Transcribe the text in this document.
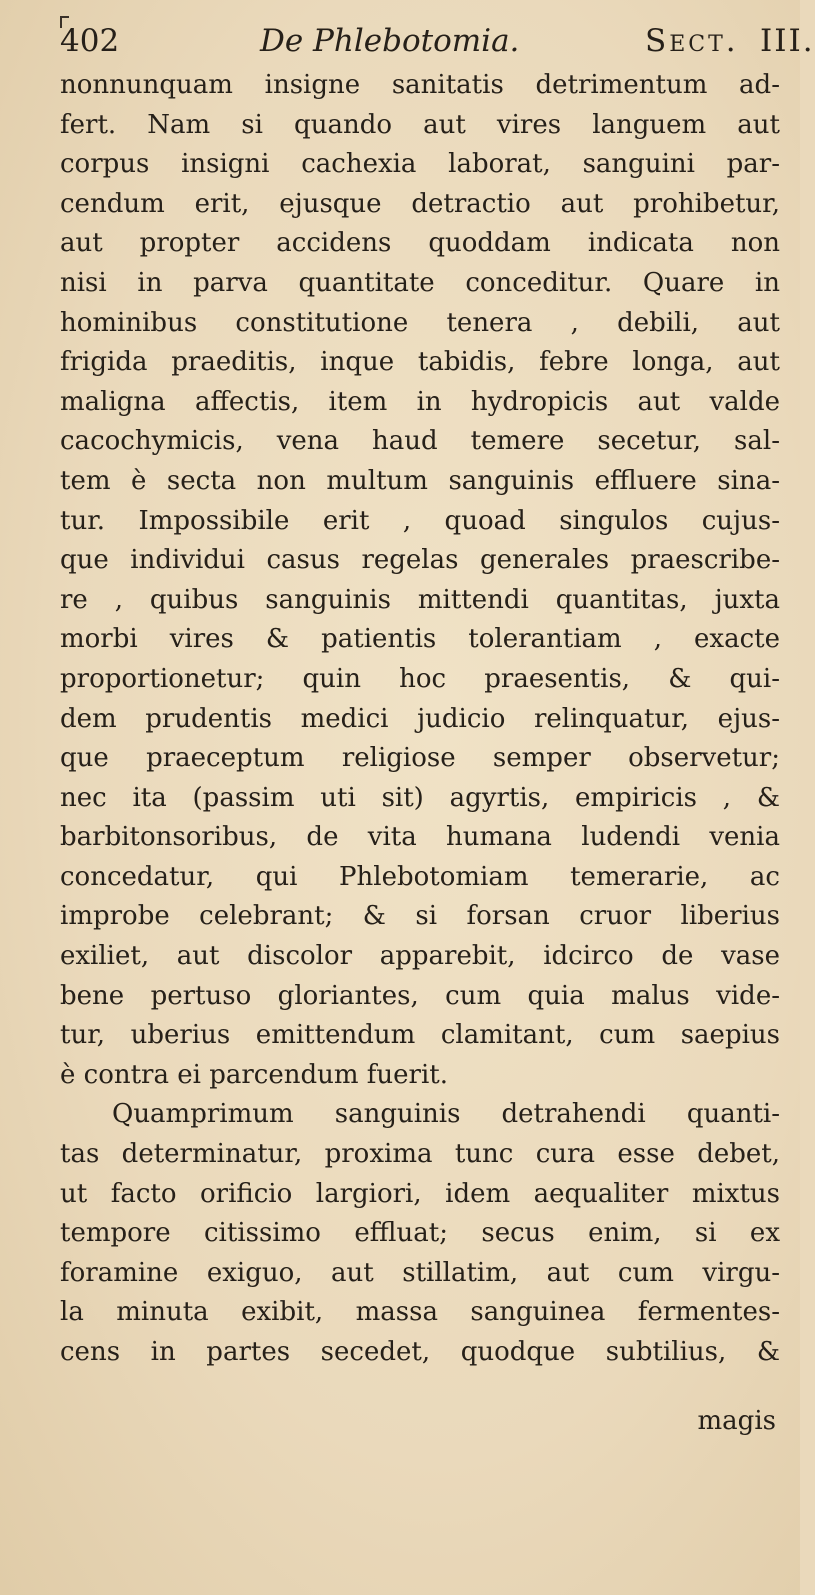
402	De Phlebotomia.	Sect. III.
nonnunquam insigne sanitatis detrimentum ad-
fert. Nam si quando aut vires languem aut
corpus insigni cachexia laborat, sanguini par-
cendum erit, ejusque detractio aut prohibetur,
aut propter accidens quoddam indicata non
nisi in parva quantitate conceditur. Quare in
hominibus constitutione tenera , debili, aut
frigida praeditis, inque tabidis, febre longa, aut
maligna affectis, item in hydropicis aut valde
cacochymicis, vena haud temere secetur, sal-
tem è secta non multum sanguinis effluere sina-
tur. Impossibile erit , quoad singulos cujus-
que individui casus regelas generales praescribe-
re , quibus sanguinis mittendi quantitas, juxta
morbi vires & patientis tolerantiam , exacte
proportionetur; quin hoc praesentis, & qui-
dem prudentis medici judicio relinquatur, ejus-
que praeceptum religiose semper observetur;
nec ita (passim uti sit) agyrtis, empiricis , &
barbitonsoribus, de vita humana ludendi venia
concedatur, qui Phlebotomiam temerarie, ac
improbe celebrant; & si forsan cruor liberius
exiliet, aut discolor apparebit, idcirco de vase
bene pertuso gloriantes, cum quia malus vide-
tur, uberius emittendum clamitant, cum saepius
è contra ei parcendum fuerit.
Quamprimum sanguinis detrahendi quanti-
tas determinatur, proxima tunc cura esse debet,
ut facto orificio largiori, idem aequaliter mixtus
tempore citissimo effluat; secus enim, si ex
foramine exiguo, aut stillatim, aut cum virgu-
la minuta exibit, massa sanguinea fermentes-
cens in partes secedet, quodque subtilius, &
magis
